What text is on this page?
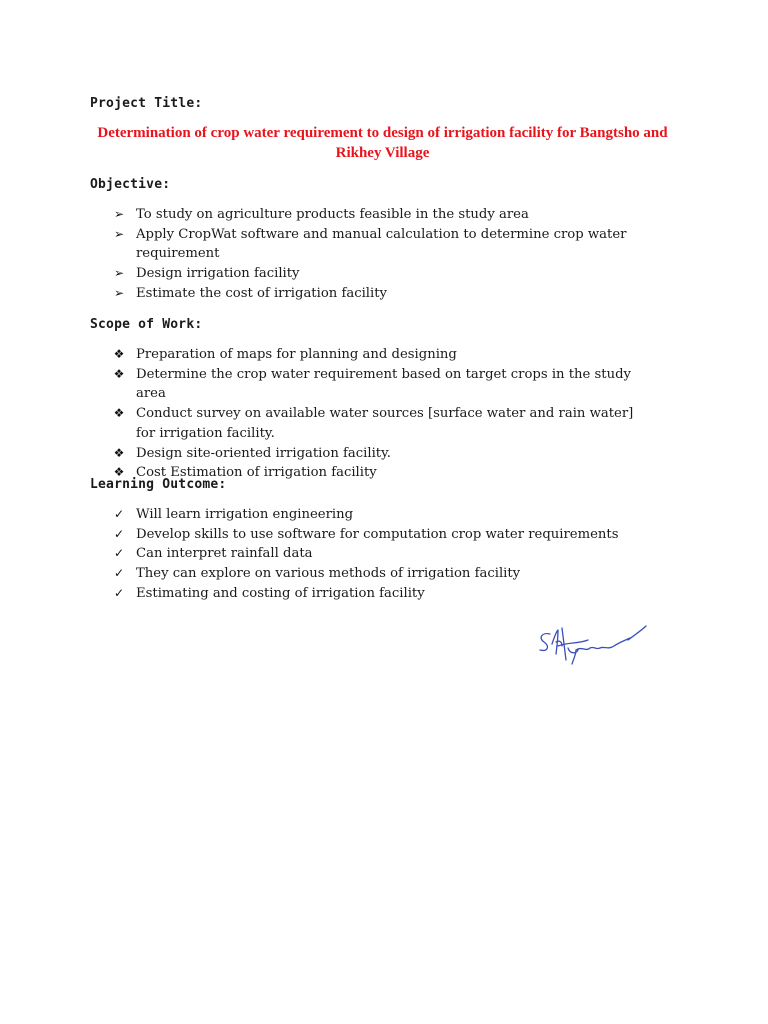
Project Title:
Determination of crop water requirement to design of irrigation facility for Bangtsho and Rikhey Village
Objective:
➢ To study on agriculture products feasible in the study area
➢ Apply CropWat software and manual calculation to determine crop water requirement
➢ Design irrigation facility
➢ Estimate the cost of irrigation facility
Scope of Work:
❖ Preparation of maps for planning and designing
❖ Determine the crop water requirement based on target crops in the study area
❖ Conduct survey on available water sources [surface water and rain water] for irrigation facility.
❖ Design site-oriented irrigation facility.
❖ Cost Estimation of irrigation facility
Learning Outcome:
✓ Will learn irrigation engineering
✓ Develop skills to use software for computation crop water requirements
✓ Can interpret rainfall data
✓ They can explore on various methods of irrigation facility
✓ Estimating and costing of irrigation facility
